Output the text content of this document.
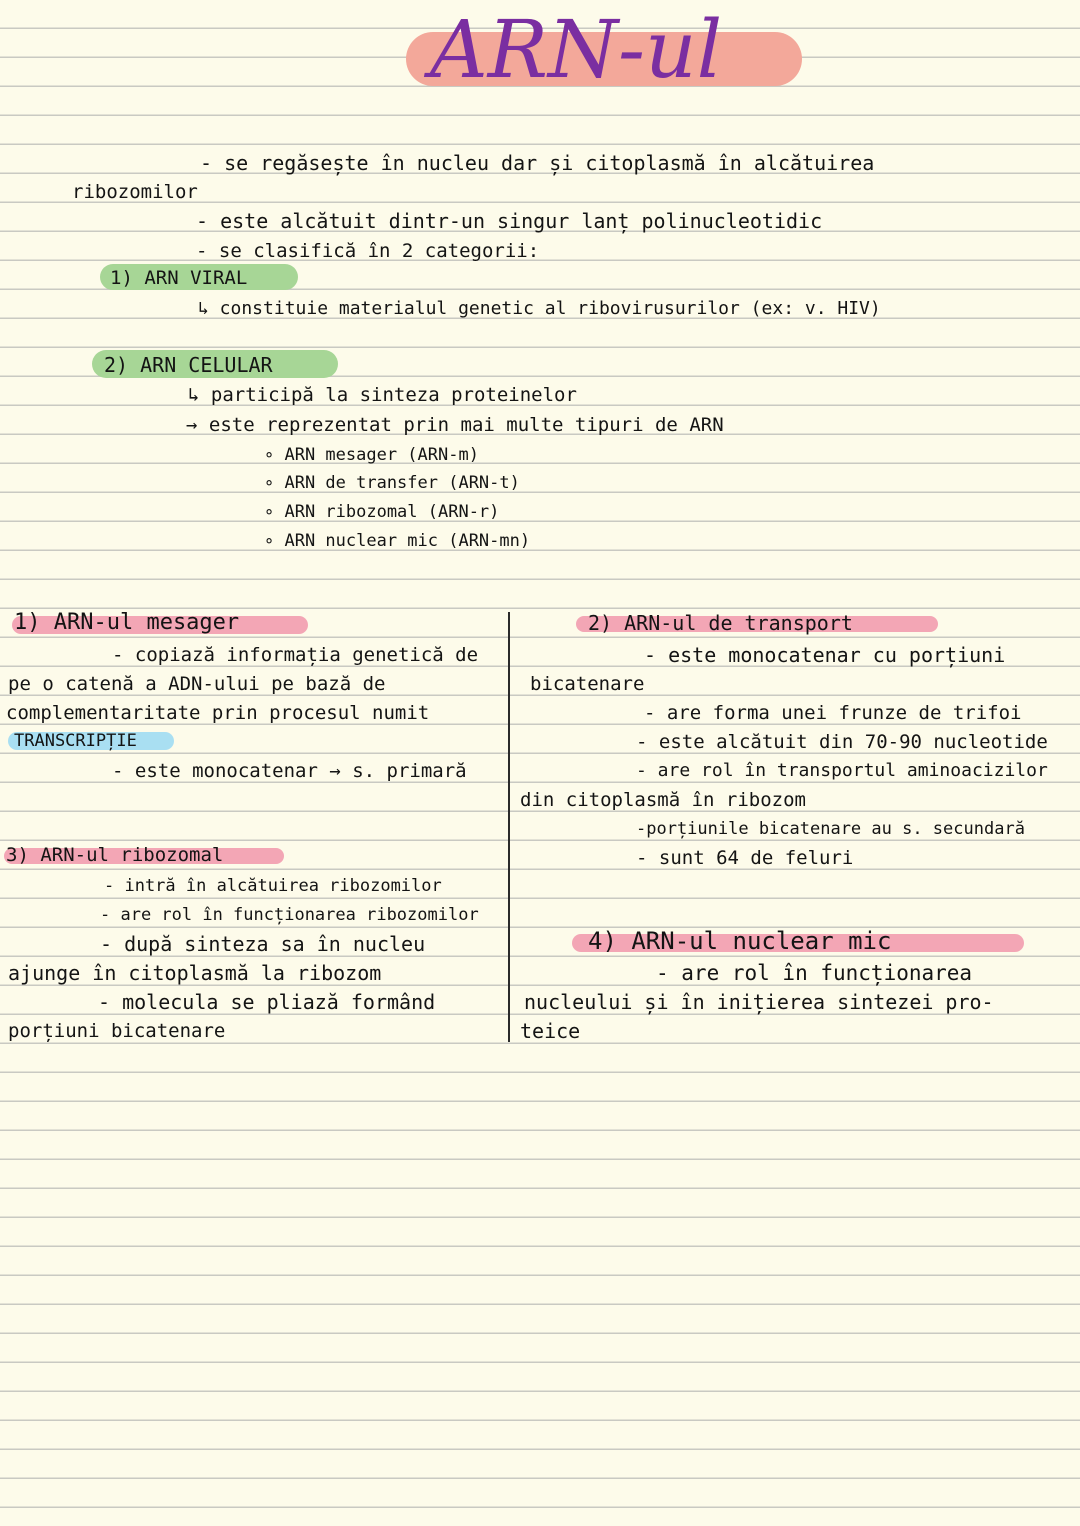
ARN-ul
- se regăsește în nucleu dar și citoplasmă în alcătuirea
ribozomilor
- este alcătuit dintr-un singur lanț polinucleotidic
- se clasifică în 2 categorii:
1) ARN VIRAL
↳ constituie materialul genetic al ribovirusurilor (ex: v. HIV)
2) ARN CELULAR
↳ participă la sinteza proteinelor
→ este reprezentat prin mai multe tipuri de ARN
∘ ARN mesager (ARN-m)
∘ ARN de transfer (ARN-t)
∘ ARN ribozomal (ARN-r)
∘ ARN nuclear mic (ARN-mn)
1) ARN-ul mesager
- copiază informația genetică de
pe o catenă a ADN-ului pe bază de
complementaritate prin procesul numit
TRANSCRIPȚIE
- este monocatenar → s. primară
2) ARN-ul de transport
- este monocatenar cu porțiuni
bicatenare
- are forma unei frunze de trifoi
- este alcătuit din 70-90 nucleotide
- are rol în transportul aminoacizilor
din citoplasmă în ribozom
-porțiunile bicatenare au s. secundară
- sunt 64 de feluri
3) ARN-ul ribozomal
- intră în alcătuirea ribozomilor
- are rol în funcționarea ribozomilor
- după sinteza sa în nucleu
ajunge în citoplasmă la ribozom
- molecula se pliază formând
porțiuni bicatenare
4) ARN-ul nuclear mic
- are rol în funcționarea
nucleului și în inițierea sintezei pro-
teice
